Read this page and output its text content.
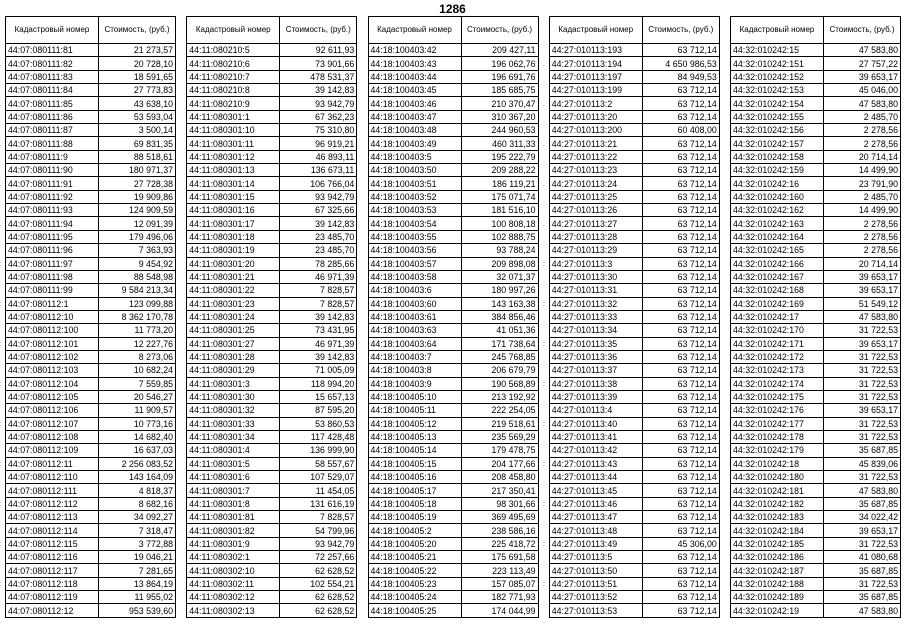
1286
Кадастровый номер	Стоимость, (руб.)
44:07:080111:81	21 273,57
44:07:080111:82	20 728,10
44:07:080111:83	18 591,65
44:07:080111:84	27 773,83
44:07:080111:85	43 638,10
44:07:080111:86	53 593,04
44:07:080111:87	3 500,14
44:07:080111:88	69 831,35
44:07:080111:9	88 518,61
44:07:080111:90	180 971,37
44:07:080111:91	27 728,38
44:07:080111:92	19 909,86
44:07:080111:93	124 909,59
44:07:080111:94	12 091,39
44:07:080111:95	179 496,06
44:07:080111:96	7 363,93
44:07:080111:97	9 454,92
44:07:080111:98	88 548,98
44:07:080111:99	9 584 213,34
44:07:080112:1	123 099,88
44:07:080112:10	8 362 170,78
44:07:080112:100	11 773,20
44:07:080112:101	12 227,76
44:07:080112:102	8 273,06
44:07:080112:103	10 682,24
44:07:080112:104	7 559,85
44:07:080112:105	20 546,27
44:07:080112:106	11 909,57
44:07:080112:107	10 773,16
44:07:080112:108	14 682,40
44:07:080112:109	16 637,03
44:07:080112:11	2 256 083,52
44:07:080112:110	143 164,09
44:07:080112:111	4 818,37
44:07:080112:112	8 682,16
44:07:080112:113	34 092,27
44:07:080112:114	7 318,47
44:07:080112:115	3 772,88
44:07:080112:116	19 046,21
44:07:080112:117	7 281,65
44:07:080112:118	13 864,19
44:07:080112:119	11 955,02
44:07:080112:12	953 539,60
Кадастровый номер	Стоимость, (руб.)
44:11:080210:5	92 611,93
44:11:080210:6	73 901,66
44:11:080210:7	478 531,37
44:11:080210:8	39 142,83
44:11:080210:9	93 942,79
44:11:080301:1	67 362,23
44:11:080301:10	75 310,80
44:11:080301:11	96 919,21
44:11:080301:12	46 893,11
44:11:080301:13	136 673,11
44:11:080301:14	106 766,04
44:11:080301:15	93 942,79
44:11:080301:16	67 325,66
44:11:080301:17	39 142,83
44:11:080301:18	23 485,70
44:11:080301:19	23 485,70
44:11:080301:20	78 285,66
44:11:080301:21	46 971,39
44:11:080301:22	7 828,57
44:11:080301:23	7 828,57
44:11:080301:24	39 142,83
44:11:080301:25	73 431,95
44:11:080301:27	46 971,39
44:11:080301:28	39 142,83
44:11:080301:29	71 005,09
44:11:080301:3	118 994,20
44:11:080301:30	15 657,13
44:11:080301:32	87 595,20
44:11:080301:33	53 860,53
44:11:080301:34	117 428,48
44:11:080301:4	136 999,90
44:11:080301:5	58 557,67
44:11:080301:6	107 529,07
44:11:080301:7	11 454,05
44:11:080301:8	131 616,19
44:11:080301:81	7 828,57
44:11:080301:82	54 799,96
44:11:080301:9	93 942,79
44:11:080302:1	72 257,66
44:11:080302:10	62 628,52
44:11:080302:11	102 554,21
44:11:080302:12	62 628,52
44:11:080302:13	62 628,52
Кадастровый номер	Стоимость, (руб.)
44:18:100403:42	209 427,11
44:18:100403:43	196 062,76
44:18:100403:44	196 691,76
44:18:100403:45	185 685,75
44:18:100403:46	210 370,47
44:18:100403:47	310 367,20
44:18:100403:48	244 960,53
44:18:100403:49	460 311,33
44:18:100403:5	195 222,79
44:18:100403:50	209 288,22
44:18:100403:51	186 119,21
44:18:100403:52	175 071,74
44:18:100403:53	181 516,10
44:18:100403:54	100 808,18
44:18:100403:55	102 888,75
44:18:100403:56	93 788,24
44:18:100403:57	209 898,08
44:18:100403:58	32 071,37
44:18:100403:6	180 997,26
44:18:100403:60	143 163,38
44:18:100403:61	384 856,46
44:18:100403:63	41 051,36
44:18:100403:64	171 738,64
44:18:100403:7	245 768,85
44:18:100403:8	206 679,79
44:18:100403:9	190 568,89
44:18:100405:10	213 192,92
44:18:100405:11	222 254,05
44:18:100405:12	219 518,61
44:18:100405:13	235 569,29
44:18:100405:14	179 478,75
44:18:100405:15	204 177,66
44:18:100405:16	208 458,80
44:18:100405:17	217 350,41
44:18:100405:18	98 301,66
44:18:100405:19	369 495,69
44:18:100405:2	238 586,16
44:18:100405:20	225 418,72
44:18:100405:21	175 691,58
44:18:100405:22	223 113,49
44:18:100405:23	157 085,07
44:18:100405:24	182 771,93
44:18:100405:25	174 044,99
Кадастровый номер	Стоимость, (руб.)
44:27:010113:193	63 712,14
44:27:010113:194	4 650 986,53
44:27:010113:197	84 949,53
44:27:010113:199	63 712,14
44:27:010113:2	63 712,14
44:27:010113:20	63 712,14
44:27:010113:200	60 408,00
44:27:010113:21	63 712,14
44:27:010113:22	63 712,14
44:27:010113:23	63 712,14
44:27:010113:24	63 712,14
44:27:010113:25	63 712,14
44:27:010113:26	63 712,14
44:27:010113:27	63 712,14
44:27:010113:28	63 712,14
44:27:010113:29	63 712,14
44:27:010113:3	63 712,14
44:27:010113:30	63 712,14
44:27:010113:31	63 712,14
44:27:010113:32	63 712,14
44:27:010113:33	63 712,14
44:27:010113:34	63 712,14
44:27:010113:35	63 712,14
44:27:010113:36	63 712,14
44:27:010113:37	63 712,14
44:27:010113:38	63 712,14
44:27:010113:39	63 712,14
44:27:010113:4	63 712,14
44:27:010113:40	63 712,14
44:27:010113:41	63 712,14
44:27:010113:42	63 712,14
44:27:010113:43	63 712,14
44:27:010113:44	63 712,14
44:27:010113:45	63 712,14
44:27:010113:46	63 712,14
44:27:010113:47	63 712,14
44:27:010113:48	63 712,14
44:27:010113:49	45 306,00
44:27:010113:5	63 712,14
44:27:010113:50	63 712,14
44:27:010113:51	63 712,14
44:27:010113:52	63 712,14
44:27:010113:53	63 712,14
Кадастровый номер	Стоимость, (руб.)
44:32:010242:15	47 583,80
44:32:010242:151	27 757,22
44:32:010242:152	39 653,17
44:32:010242:153	45 046,00
44:32:010242:154	47 583,80
44:32:010242:155	2 485,70
44:32:010242:156	2 278,56
44:32:010242:157	2 278,56
44:32:010242:158	20 714,14
44:32:010242:159	14 499,90
44:32:010242:16	23 791,90
44:32:010242:160	2 485,70
44:32:010242:162	14 499,90
44:32:010242:163	2 278,56
44:32:010242:164	2 278,56
44:32:010242:165	2 278,56
44:32:010242:166	20 714,14
44:32:010242:167	39 653,17
44:32:010242:168	39 653,17
44:32:010242:169	51 549,12
44:32:010242:17	47 583,80
44:32:010242:170	31 722,53
44:32:010242:171	39 653,17
44:32:010242:172	31 722,53
44:32:010242:173	31 722,53
44:32:010242:174	31 722,53
44:32:010242:175	31 722,53
44:32:010242:176	39 653,17
44:32:010242:177	31 722,53
44:32:010242:178	31 722,53
44:32:010242:179	35 687,85
44:32:010242:18	45 839,06
44:32:010242:180	31 722,53
44:32:010242:181	47 583,80
44:32:010242:182	35 687,85
44:32:010242:183	34 022,42
44:32:010242:184	39 653,17
44:32:010242:185	31 722,53
44:32:010242:186	41 080,68
44:32:010242:187	35 687,85
44:32:010242:188	31 722,53
44:32:010242:189	35 687,85
44:32:010242:19	47 583,80
